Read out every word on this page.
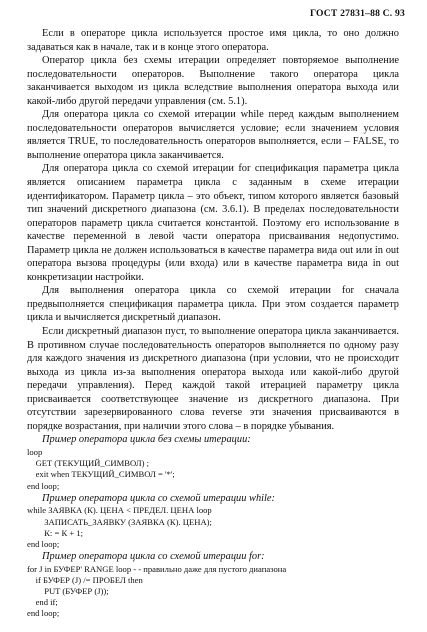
ГОСТ 27831–88 С. 93

Если в операторе цикла используется простое имя цикла, то оно должно задаваться как в начале, так и в конце этого оператора.

Оператор цикла без схемы итерации определяет повторяемое выполнение последовательности операторов. Выполнение такого оператора цикла заканчивается выходом из цикла вследствие выполнения оператора выхода или какой-либо другой передачи управления (см. 5.1).

Для оператора цикла со схемой итерации while перед каждым выполнением последовательности операторов вычисляется условие; если значением условия является TRUE, то последовательность операторов выполняется, если – FALSE, то выполнение оператора цикла заканчивается.

Для оператора цикла со схемой итерации for спецификация параметра цикла является описанием параметра цикла с заданным в схеме итерации идентификатором. Параметр цикла – это объект, типом которого является базовый тип значений дискретного диапазона (см. 3.6.1). В пределах последовательности операторов параметр цикла считается константой. Поэтому его использование в качестве переменной в левой части оператора присваивания недопустимо. Параметр цикла не должен использоваться в качестве параметра вида out или in out оператора вызова процедуры (или входа) или в качестве параметра вида in out конкретизации настройки.

Для выполнения оператора цикла со схемой итерации for сначала предвыполняется спецификация параметра цикла. При этом создается параметр цикла и вычисляется дискретный диапазон.

Если дискретный диапазон пуст, то выполнение оператора цикла заканчивается. В противном случае последовательность операторов выполняется по одному разу для каждого значения из дискретного диапазона (при условии, что не происходит выхода из цикла из-за выполнения оператора выхода или какой-либо другой передачи управления). Перед каждой такой итерацией параметру цикла присваивается соответствующее значение из дискретного диапазона. При отсутствии зарезервированного слова reverse эти значения присваиваются в порядке возрастания, при наличии этого слова – в порядке убывания.

Пример оператора цикла без схемы итерации:

loop

GET (ТЕКУЩИЙ_СИМВОЛ) ;

exit when ТЕКУЩИЙ_СИМВОЛ = '*';

end loop;

Пример оператора цикла со схемой итерации while:

while ЗАЯВКА (К). ЦЕНА < ПРЕДЕЛ. ЦЕНА loop

ЗАПИСАТЬ_ЗАЯВКУ (ЗАЯВКА (К). ЦЕНА);

К: = К + 1;

end loop;

Пример оператора цикла со схемой итерации for:

for J in БУФЕР' RANGE loop - - правильно даже для пустого диапазона

if БУФЕР (J) /= ПРОБЕЛ then

PUT (БУФЕР (J));

end if;

end loop;
